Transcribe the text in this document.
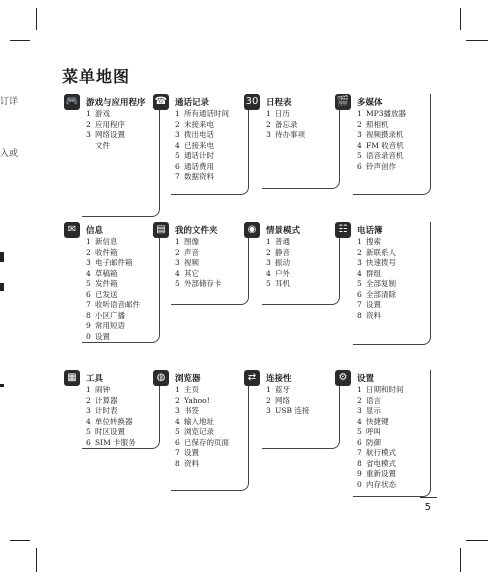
订详
入或
菜单地图
🎮 游戏与应用程序
1 游戏
2 应用程序
3 网络设置
文件
☎ 通话记录
1 所有通话时间
2 未接来电
3 拨出电话
4 已接来电
5 通话计时
6 通话费用
7 数据资料
30 日程表
1 日历
2 备忘录
3 待办事项
🎬 多媒体
1 MP3播放器
2 照相机
3 视频摄录机
4 FM 收音机
5 语音录音机
6 铃声创作
✉	信息
1 新信息
2 收件箱
3 电子邮件箱
4 草稿箱
5 发件箱
6 已发送
7 收听语音邮件
8 小区广播
9 常用短语
0 设置
▤	我的文件夹
1 图像
2 声音
3 视频
4 其它
5 外部储存卡
◉	情景模式
1 普通
2 静音
3 振动
4 户外
5 耳机
☷	电话簿
1 搜索
2 新联系人
3 快速拨号
4 群组
5 全部复制
6 全部清除
7 设置
8 资料
▦	工具
1 闹钟
2 计算器
3 计时表
4 单位转换器
5 时区设置
6 SIM 卡服务
◍	浏览器
1 主页
2 Yahoo!
3 书签
4 输入地址
5 浏览记录
6 已保存的页面
7 设置
8 资料
⇄	连接性
1 蓝牙
2 网络
3 USB 连接
⚙	设置
1 日期和时间
2 语言
3 显示
4 快捷键
5 呼叫
6 防御
7 航行模式
8 省电模式
9 重新设置
0 内存状态
5
